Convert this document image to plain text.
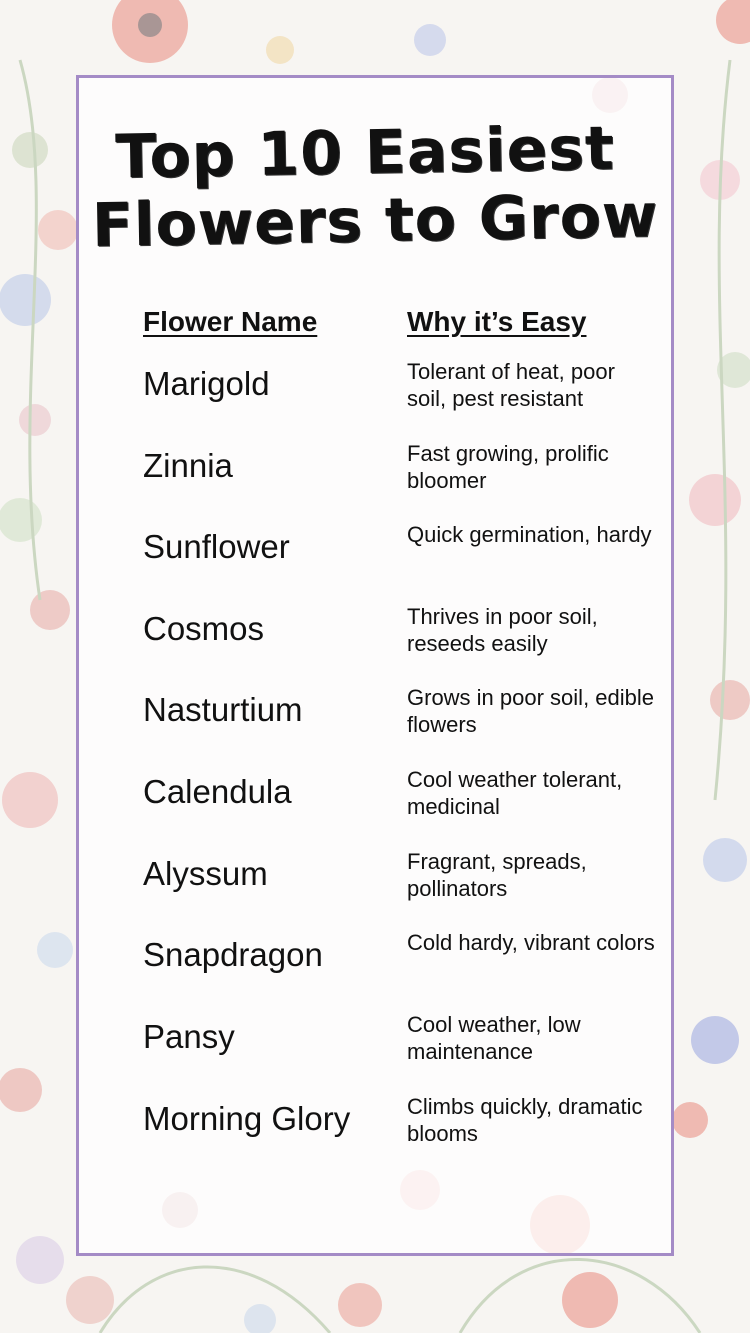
Top 10 Easiest
Flowers to Grow
Flower Name	Why it’s Easy
Marigold	Tolerant of heat, poor soil, pest resistant
Zinnia	Fast growing, prolific bloomer
Sunflower	Quick germination, hardy
Cosmos	Thrives in poor soil, reseeds easily
Nasturtium	Grows in poor soil, edible flowers
Calendula	Cool weather tolerant, medicinal
Alyssum	Fragrant, spreads, pollinators
Snapdragon	Cold hardy, vibrant colors
Pansy	Cool weather, low maintenance
Morning Glory	Climbs quickly, dramatic blooms
